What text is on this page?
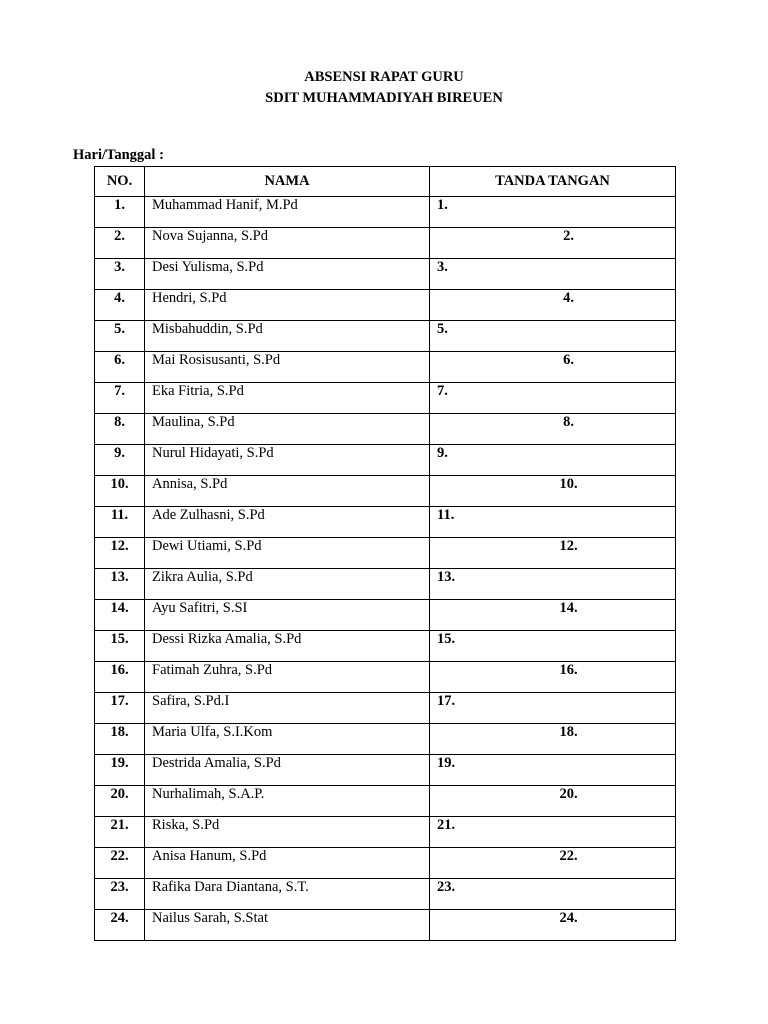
ABSENSI RAPAT GURU
SDIT MUHAMMADIYAH BIREUEN
Hari/Tanggal :
NO.	NAMA	TANDA TANGAN
1.	Muhammad Hanif, M.Pd	1.

2.	Nova Sujanna, S.Pd	2.

3.	Desi Yulisma, S.Pd	3.

4.	Hendri, S.Pd	4.

5.	Misbahuddin, S.Pd	5.

6.	Mai Rosisusanti, S.Pd	6.

7.	Eka Fitria, S.Pd	7.

8.	Maulina, S.Pd	8.

9.	Nurul Hidayati, S.Pd	9.

10.	Annisa, S.Pd	10.

11.	Ade Zulhasni, S.Pd	11.

12.	Dewi Utiami, S.Pd	12.

13.	Zikra Aulia, S.Pd	13.

14.	Ayu Safitri, S.SI	14.

15.	Dessi Rizka Amalia, S.Pd	15.

16.	Fatimah Zuhra, S.Pd	16.

17.	Safira, S.Pd.I	17.

18.	Maria Ulfa, S.I.Kom	18.

19.	Destrida Amalia, S.Pd	19.

20.	Nurhalimah, S.A.P.	20.

21.	Riska, S.Pd	21.

22.	Anisa Hanum, S.Pd	22.

23.	Rafika Dara Diantana, S.T.	23.

24.	Nailus Sarah, S.Stat	24.
